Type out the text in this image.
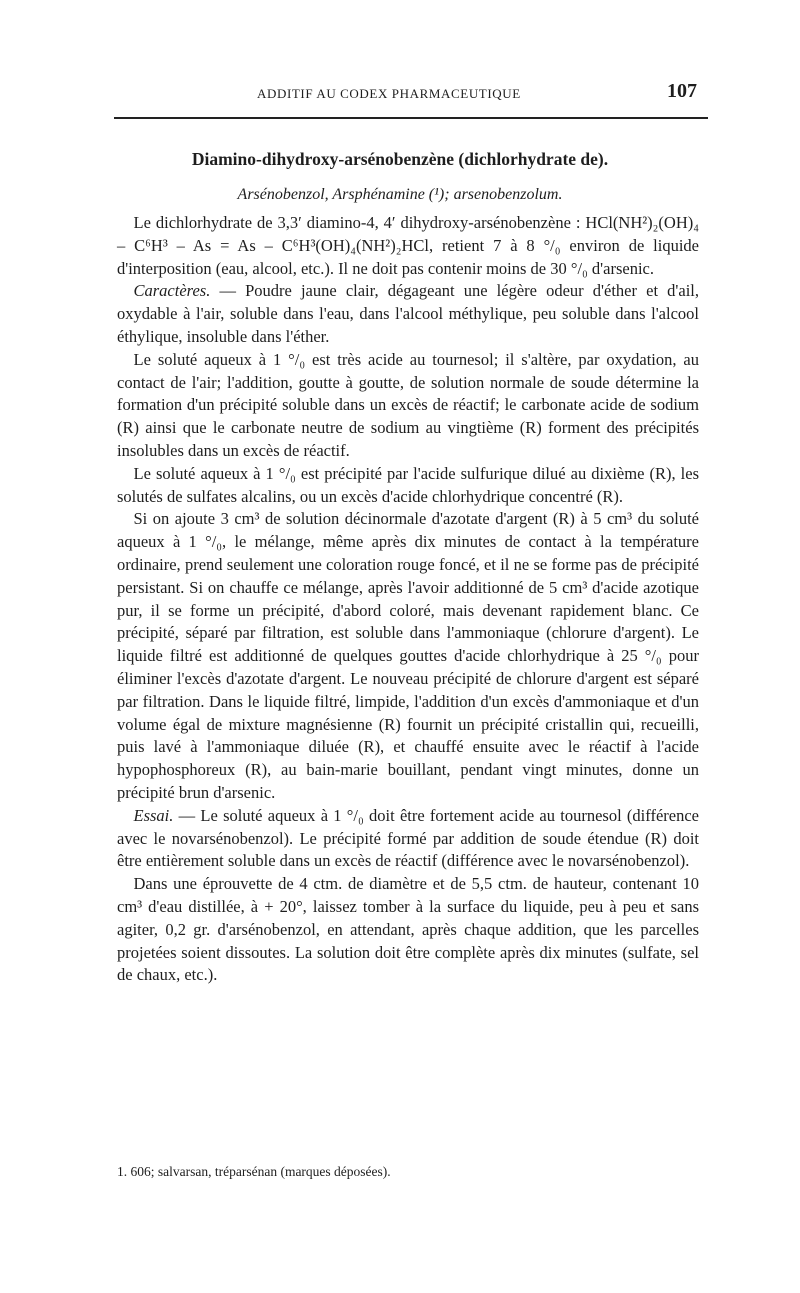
ADDITIF AU CODEX PHARMACEUTIQUE	107
Diamino-dihydroxy-arsénobenzène (dichlorhydrate de).
Arsénobenzol, Arsphénamine (¹); arsenobenzolum.

 Le dichlorhydrate de 3,3′ diamino-4, 4′ dihydroxy-arsénobenzène : HCl(NH²)₂(OH)₄ – C⁶H³ – As = As – C⁶H³(OH)₄(NH²)₂HCl, retient 7 à 8 °/₀ environ de liquide d'interposition (eau, alcool, etc.). Il ne doit pas contenir moins de 30 °/₀ d'arsenic.

 Caractères. — Poudre jaune clair, dégageant une légère odeur d'éther et d'ail, oxydable à l'air, soluble dans l'eau, dans l'alcool méthylique, peu soluble dans l'alcool éthylique, insoluble dans l'éther.

 Le soluté aqueux à 1 °/₀ est très acide au tournesol; il s'altère, par oxydation, au contact de l'air; l'addition, goutte à goutte, de solution normale de soude détermine la formation d'un précipité soluble dans un excès de réactif; le carbonate acide de sodium (R) ainsi que le carbonate neutre de sodium au vingtième (R) forment des précipités insolubles dans un excès de réactif.

 Le soluté aqueux à 1 °/₀ est précipité par l'acide sulfurique dilué au dixième (R), les solutés de sulfates alcalins, ou un excès d'acide chlorhydrique concentré (R).

 Si on ajoute 3 cm³ de solution décinormale d'azotate d'argent (R) à 5 cm³ du soluté aqueux à 1 °/₀, le mélange, même après dix minutes de contact à la température ordinaire, prend seulement une coloration rouge foncé, et il ne se forme pas de précipité persistant. Si on chauffe ce mélange, après l'avoir additionné de 5 cm³ d'acide azotique pur, il se forme un précipité, d'abord coloré, mais devenant rapidement blanc. Ce précipité, séparé par filtration, est soluble dans l'ammoniaque (chlorure d'argent). Le liquide filtré est additionné de quelques gouttes d'acide chlorhydrique à 25 °/₀ pour éliminer l'excès d'azotate d'argent. Le nouveau précipité de chlorure d'argent est séparé par filtration. Dans le liquide filtré, limpide, l'addition d'un excès d'ammoniaque et d'un volume égal de mixture magnésienne (R) fournit un précipité cristallin qui, recueilli, puis lavé à l'ammoniaque diluée (R), et chauffé ensuite avec le réactif à l'acide hypophosphoreux (R), au bain-marie bouillant, pendant vingt minutes, donne un précipité brun d'arsenic.

 Essai. — Le soluté aqueux à 1 °/₀ doit être fortement acide au tournesol (différence avec le novarsénobenzol). Le précipité formé par addition de soude étendue (R) doit être entièrement soluble dans un excès de réactif (différence avec le novarsénobenzol).

 Dans une éprouvette de 4 ctm. de diamètre et de 5,5 ctm. de hauteur, contenant 10 cm³ d'eau distillée, à + 20°, laissez tomber à la surface du liquide, peu à peu et sans agiter, 0,2 gr. d'arsénobenzol, en attendant, après chaque addition, que les parcelles projetées soient dissoutes. La solution doit être complète après dix minutes (sulfate, sel de chaux, etc.).

1. 606; salvarsan, tréparsénan (marques déposées).
